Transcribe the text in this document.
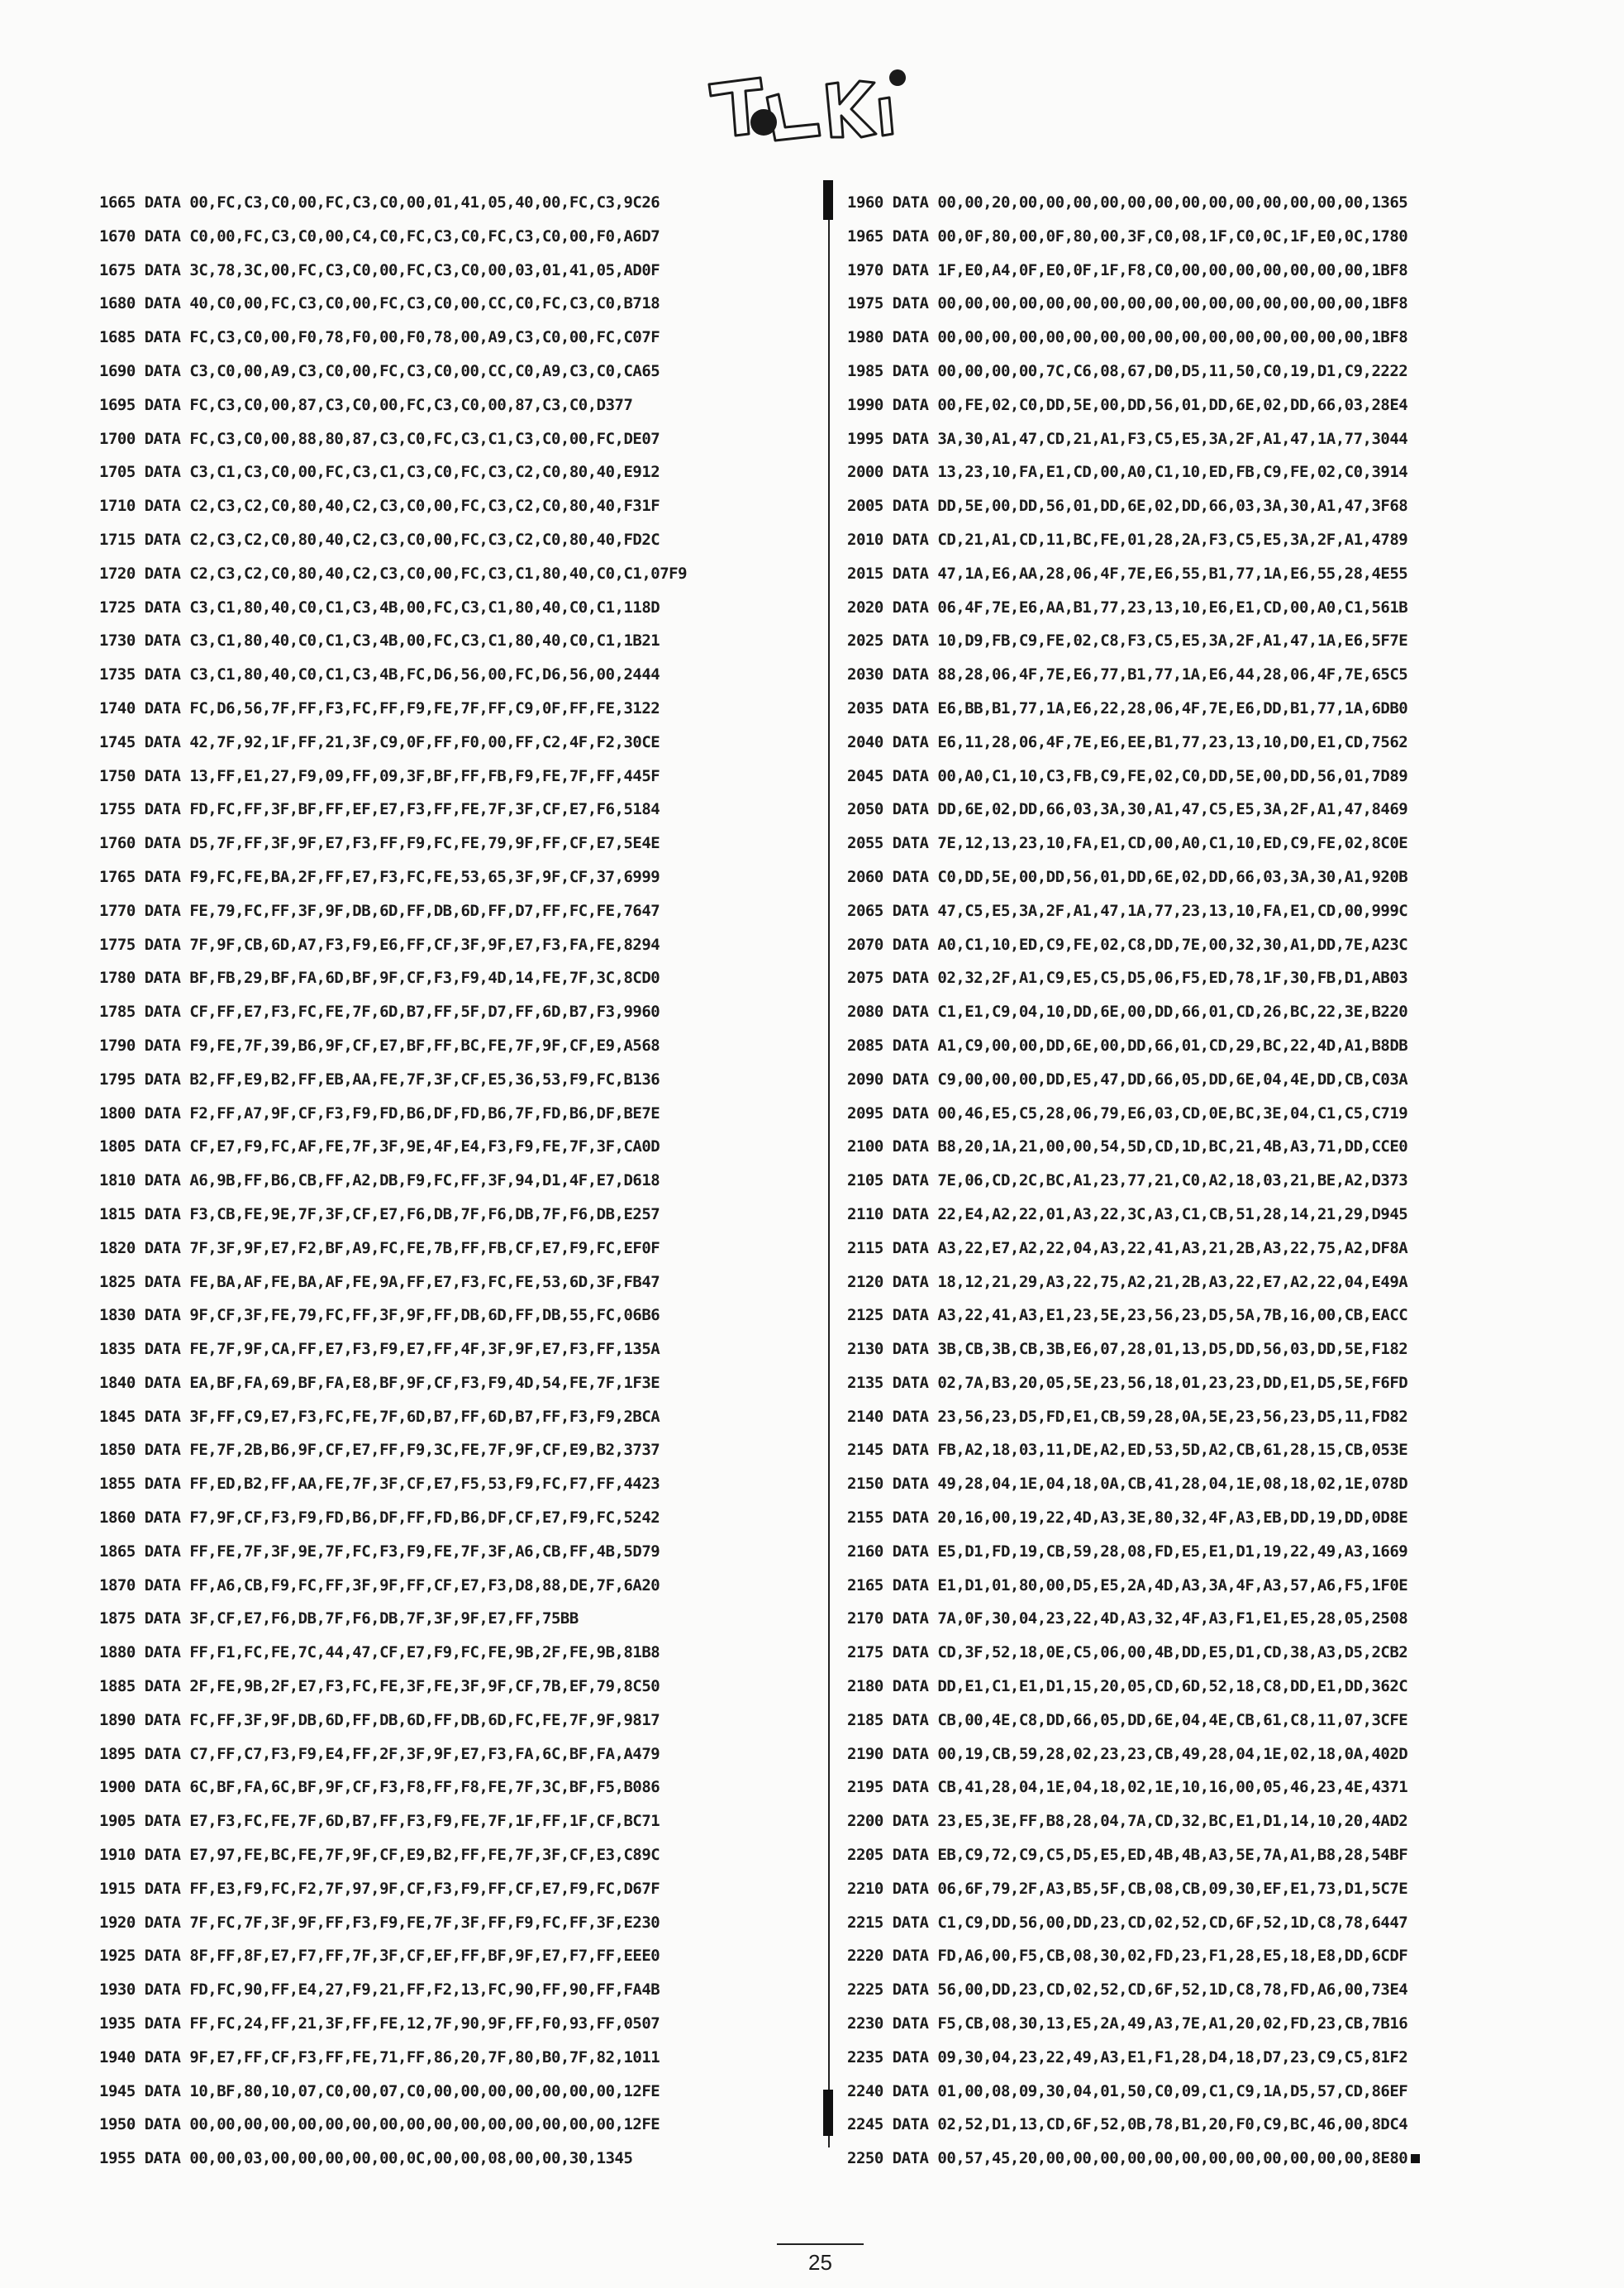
ToLKi
1665 DATA 00,FC,C3,C0,00,FC,C3,C0,00,01,41,05,40,00,FC,C3,9C26
1670 DATA C0,00,FC,C3,C0,00,C4,C0,FC,C3,C0,FC,C3,C0,00,F0,A6D7
1675 DATA 3C,78,3C,00,FC,C3,C0,00,FC,C3,C0,00,03,01,41,05,AD0F
1680 DATA 40,C0,00,FC,C3,C0,00,FC,C3,C0,00,CC,C0,FC,C3,C0,B718
1685 DATA FC,C3,C0,00,F0,78,F0,00,F0,78,00,A9,C3,C0,00,FC,C07F
1690 DATA C3,C0,00,A9,C3,C0,00,FC,C3,C0,00,CC,C0,A9,C3,C0,CA65
1695 DATA FC,C3,C0,00,87,C3,C0,00,FC,C3,C0,00,87,C3,C0,D377
1700 DATA FC,C3,C0,00,88,80,87,C3,C0,FC,C3,C1,C3,C0,00,FC,DE07
1705 DATA C3,C1,C3,C0,00,FC,C3,C1,C3,C0,FC,C3,C2,C0,80,40,E912
1710 DATA C2,C3,C2,C0,80,40,C2,C3,C0,00,FC,C3,C2,C0,80,40,F31F
1715 DATA C2,C3,C2,C0,80,40,C2,C3,C0,00,FC,C3,C2,C0,80,40,FD2C
1720 DATA C2,C3,C2,C0,80,40,C2,C3,C0,00,FC,C3,C1,80,40,C0,C1,07F9
1725 DATA C3,C1,80,40,C0,C1,C3,4B,00,FC,C3,C1,80,40,C0,C1,118D
1730 DATA C3,C1,80,40,C0,C1,C3,4B,00,FC,C3,C1,80,40,C0,C1,1B21
1735 DATA C3,C1,80,40,C0,C1,C3,4B,FC,D6,56,00,FC,D6,56,00,2444
1740 DATA FC,D6,56,7F,FF,F3,FC,FF,F9,FE,7F,FF,C9,0F,FF,FE,3122
1745 DATA 42,7F,92,1F,FF,21,3F,C9,0F,FF,F0,00,FF,C2,4F,F2,30CE
1750 DATA 13,FF,E1,27,F9,09,FF,09,3F,BF,FF,FB,F9,FE,7F,FF,445F
1755 DATA FD,FC,FF,3F,BF,FF,EF,E7,F3,FF,FE,7F,3F,CF,E7,F6,5184
1760 DATA D5,7F,FF,3F,9F,E7,F3,FF,F9,FC,FE,79,9F,FF,CF,E7,5E4E
1765 DATA F9,FC,FE,BA,2F,FF,E7,F3,FC,FE,53,65,3F,9F,CF,37,6999
1770 DATA FE,79,FC,FF,3F,9F,DB,6D,FF,DB,6D,FF,D7,FF,FC,FE,7647
1775 DATA 7F,9F,CB,6D,A7,F3,F9,E6,FF,CF,3F,9F,E7,F3,FA,FE,8294
1780 DATA BF,FB,29,BF,FA,6D,BF,9F,CF,F3,F9,4D,14,FE,7F,3C,8CD0
1785 DATA CF,FF,E7,F3,FC,FE,7F,6D,B7,FF,5F,D7,FF,6D,B7,F3,9960
1790 DATA F9,FE,7F,39,B6,9F,CF,E7,BF,FF,BC,FE,7F,9F,CF,E9,A568
1795 DATA B2,FF,E9,B2,FF,EB,AA,FE,7F,3F,CF,E5,36,53,F9,FC,B136
1800 DATA F2,FF,A7,9F,CF,F3,F9,FD,B6,DF,FD,B6,7F,FD,B6,DF,BE7E
1805 DATA CF,E7,F9,FC,AF,FE,7F,3F,9E,4F,E4,F3,F9,FE,7F,3F,CA0D
1810 DATA A6,9B,FF,B6,CB,FF,A2,DB,F9,FC,FF,3F,94,D1,4F,E7,D618
1815 DATA F3,CB,FE,9E,7F,3F,CF,E7,F6,DB,7F,F6,DB,7F,F6,DB,E257
1820 DATA 7F,3F,9F,E7,F2,BF,A9,FC,FE,7B,FF,FB,CF,E7,F9,FC,EF0F
1825 DATA FE,BA,AF,FE,BA,AF,FE,9A,FF,E7,F3,FC,FE,53,6D,3F,FB47
1830 DATA 9F,CF,3F,FE,79,FC,FF,3F,9F,FF,DB,6D,FF,DB,55,FC,06B6
1835 DATA FE,7F,9F,CA,FF,E7,F3,F9,E7,FF,4F,3F,9F,E7,F3,FF,135A
1840 DATA EA,BF,FA,69,BF,FA,E8,BF,9F,CF,F3,F9,4D,54,FE,7F,1F3E
1845 DATA 3F,FF,C9,E7,F3,FC,FE,7F,6D,B7,FF,6D,B7,FF,F3,F9,2BCA
1850 DATA FE,7F,2B,B6,9F,CF,E7,FF,F9,3C,FE,7F,9F,CF,E9,B2,3737
1855 DATA FF,ED,B2,FF,AA,FE,7F,3F,CF,E7,F5,53,F9,FC,F7,FF,4423
1860 DATA F7,9F,CF,F3,F9,FD,B6,DF,FF,FD,B6,DF,CF,E7,F9,FC,5242
1865 DATA FF,FE,7F,3F,9E,7F,FC,F3,F9,FE,7F,3F,A6,CB,FF,4B,5D79
1870 DATA FF,A6,CB,F9,FC,FF,3F,9F,FF,CF,E7,F3,D8,88,DE,7F,6A20
1875 DATA 3F,CF,E7,F6,DB,7F,F6,DB,7F,3F,9F,E7,FF,75BB
1880 DATA FF,F1,FC,FE,7C,44,47,CF,E7,F9,FC,FE,9B,2F,FE,9B,81B8
1885 DATA 2F,FE,9B,2F,E7,F3,FC,FE,3F,FE,3F,9F,CF,7B,EF,79,8C50
1890 DATA FC,FF,3F,9F,DB,6D,FF,DB,6D,FF,DB,6D,FC,FE,7F,9F,9817
1895 DATA C7,FF,C7,F3,F9,E4,FF,2F,3F,9F,E7,F3,FA,6C,BF,FA,A479
1900 DATA 6C,BF,FA,6C,BF,9F,CF,F3,F8,FF,F8,FE,7F,3C,BF,F5,B086
1905 DATA E7,F3,FC,FE,7F,6D,B7,FF,F3,F9,FE,7F,1F,FF,1F,CF,BC71
1910 DATA E7,97,FE,BC,FE,7F,9F,CF,E9,B2,FF,FE,7F,3F,CF,E3,C89C
1915 DATA FF,E3,F9,FC,F2,7F,97,9F,CF,F3,F9,FF,CF,E7,F9,FC,D67F
1920 DATA 7F,FC,7F,3F,9F,FF,F3,F9,FE,7F,3F,FF,F9,FC,FF,3F,E230
1925 DATA 8F,FF,8F,E7,F7,FF,7F,3F,CF,EF,FF,BF,9F,E7,F7,FF,EEE0
1930 DATA FD,FC,90,FF,E4,27,F9,21,FF,F2,13,FC,90,FF,90,FF,FA4B
1935 DATA FF,FC,24,FF,21,3F,FF,FE,12,7F,90,9F,FF,F0,93,FF,0507
1940 DATA 9F,E7,FF,CF,F3,FF,FE,71,FF,86,20,7F,80,B0,7F,82,1011
1945 DATA 10,BF,80,10,07,C0,00,07,C0,00,00,00,00,00,00,00,12FE
1950 DATA 00,00,00,00,00,00,00,00,00,00,00,00,00,00,00,00,12FE
1955 DATA 00,00,03,00,00,00,00,00,0C,00,00,08,00,00,30,1345
1960 DATA 00,00,20,00,00,00,00,00,00,00,00,00,00,00,00,00,1365
1965 DATA 00,0F,80,00,0F,80,00,3F,C0,08,1F,C0,0C,1F,E0,0C,1780
1970 DATA 1F,E0,A4,0F,E0,0F,1F,F8,C0,00,00,00,00,00,00,00,1BF8
1975 DATA 00,00,00,00,00,00,00,00,00,00,00,00,00,00,00,00,1BF8
1980 DATA 00,00,00,00,00,00,00,00,00,00,00,00,00,00,00,00,1BF8
1985 DATA 00,00,00,00,7C,C6,08,67,D0,D5,11,50,C0,19,D1,C9,2222
1990 DATA 00,FE,02,C0,DD,5E,00,DD,56,01,DD,6E,02,DD,66,03,28E4
1995 DATA 3A,30,A1,47,CD,21,A1,F3,C5,E5,3A,2F,A1,47,1A,77,3044
2000 DATA 13,23,10,FA,E1,CD,00,A0,C1,10,ED,FB,C9,FE,02,C0,3914
2005 DATA DD,5E,00,DD,56,01,DD,6E,02,DD,66,03,3A,30,A1,47,3F68
2010 DATA CD,21,A1,CD,11,BC,FE,01,28,2A,F3,C5,E5,3A,2F,A1,4789
2015 DATA 47,1A,E6,AA,28,06,4F,7E,E6,55,B1,77,1A,E6,55,28,4E55
2020 DATA 06,4F,7E,E6,AA,B1,77,23,13,10,E6,E1,CD,00,A0,C1,561B
2025 DATA 10,D9,FB,C9,FE,02,C8,F3,C5,E5,3A,2F,A1,47,1A,E6,5F7E
2030 DATA 88,28,06,4F,7E,E6,77,B1,77,1A,E6,44,28,06,4F,7E,65C5
2035 DATA E6,BB,B1,77,1A,E6,22,28,06,4F,7E,E6,DD,B1,77,1A,6DB0
2040 DATA E6,11,28,06,4F,7E,E6,EE,B1,77,23,13,10,D0,E1,CD,7562
2045 DATA 00,A0,C1,10,C3,FB,C9,FE,02,C0,DD,5E,00,DD,56,01,7D89
2050 DATA DD,6E,02,DD,66,03,3A,30,A1,47,C5,E5,3A,2F,A1,47,8469
2055 DATA 7E,12,13,23,10,FA,E1,CD,00,A0,C1,10,ED,C9,FE,02,8C0E
2060 DATA C0,DD,5E,00,DD,56,01,DD,6E,02,DD,66,03,3A,30,A1,920B
2065 DATA 47,C5,E5,3A,2F,A1,47,1A,77,23,13,10,FA,E1,CD,00,999C
2070 DATA A0,C1,10,ED,C9,FE,02,C8,DD,7E,00,32,30,A1,DD,7E,A23C
2075 DATA 02,32,2F,A1,C9,E5,C5,D5,06,F5,ED,78,1F,30,FB,D1,AB03
2080 DATA C1,E1,C9,04,10,DD,6E,00,DD,66,01,CD,26,BC,22,3E,B220
2085 DATA A1,C9,00,00,DD,6E,00,DD,66,01,CD,29,BC,22,4D,A1,B8DB
2090 DATA C9,00,00,00,DD,E5,47,DD,66,05,DD,6E,04,4E,DD,CB,C03A
2095 DATA 00,46,E5,C5,28,06,79,E6,03,CD,0E,BC,3E,04,C1,C5,C719
2100 DATA B8,20,1A,21,00,00,54,5D,CD,1D,BC,21,4B,A3,71,DD,CCE0
2105 DATA 7E,06,CD,2C,BC,A1,23,77,21,C0,A2,18,03,21,BE,A2,D373
2110 DATA 22,E4,A2,22,01,A3,22,3C,A3,C1,CB,51,28,14,21,29,D945
2115 DATA A3,22,E7,A2,22,04,A3,22,41,A3,21,2B,A3,22,75,A2,DF8A
2120 DATA 18,12,21,29,A3,22,75,A2,21,2B,A3,22,E7,A2,22,04,E49A
2125 DATA A3,22,41,A3,E1,23,5E,23,56,23,D5,5A,7B,16,00,CB,EACC
2130 DATA 3B,CB,3B,CB,3B,E6,07,28,01,13,D5,DD,56,03,DD,5E,F182
2135 DATA 02,7A,B3,20,05,5E,23,56,18,01,23,23,DD,E1,D5,5E,F6FD
2140 DATA 23,56,23,D5,FD,E1,CB,59,28,0A,5E,23,56,23,D5,11,FD82
2145 DATA FB,A2,18,03,11,DE,A2,ED,53,5D,A2,CB,61,28,15,CB,053E
2150 DATA 49,28,04,1E,04,18,0A,CB,41,28,04,1E,08,18,02,1E,078D
2155 DATA 20,16,00,19,22,4D,A3,3E,80,32,4F,A3,EB,DD,19,DD,0D8E
2160 DATA E5,D1,FD,19,CB,59,28,08,FD,E5,E1,D1,19,22,49,A3,1669
2165 DATA E1,D1,01,80,00,D5,E5,2A,4D,A3,3A,4F,A3,57,A6,F5,1F0E
2170 DATA 7A,0F,30,04,23,22,4D,A3,32,4F,A3,F1,E1,E5,28,05,2508
2175 DATA CD,3F,52,18,0E,C5,06,00,4B,DD,E5,D1,CD,38,A3,D5,2CB2
2180 DATA DD,E1,C1,E1,D1,15,20,05,CD,6D,52,18,C8,DD,E1,DD,362C
2185 DATA CB,00,4E,C8,DD,66,05,DD,6E,04,4E,CB,61,C8,11,07,3CFE
2190 DATA 00,19,CB,59,28,02,23,23,CB,49,28,04,1E,02,18,0A,402D
2195 DATA CB,41,28,04,1E,04,18,02,1E,10,16,00,05,46,23,4E,4371
2200 DATA 23,E5,3E,FF,B8,28,04,7A,CD,32,BC,E1,D1,14,10,20,4AD2
2205 DATA EB,C9,72,C9,C5,D5,E5,ED,4B,4B,A3,5E,7A,A1,B8,28,54BF
2210 DATA 06,6F,79,2F,A3,B5,5F,CB,08,CB,09,30,EF,E1,73,D1,5C7E
2215 DATA C1,C9,DD,56,00,DD,23,CD,02,52,CD,6F,52,1D,C8,78,6447
2220 DATA FD,A6,00,F5,CB,08,30,02,FD,23,F1,28,E5,18,E8,DD,6CDF
2225 DATA 56,00,DD,23,CD,02,52,CD,6F,52,1D,C8,78,FD,A6,00,73E4
2230 DATA F5,CB,08,30,13,E5,2A,49,A3,7E,A1,20,02,FD,23,CB,7B16
2235 DATA 09,30,04,23,22,49,A3,E1,F1,28,D4,18,D7,23,C9,C5,81F2
2240 DATA 01,00,08,09,30,04,01,50,C0,09,C1,C9,1A,D5,57,CD,86EF
2245 DATA 02,52,D1,13,CD,6F,52,0B,78,B1,20,F0,C9,BC,46,00,8DC4
2250 DATA 00,57,45,20,00,00,00,00,00,00,00,00,00,00,00,00,8E80
25
